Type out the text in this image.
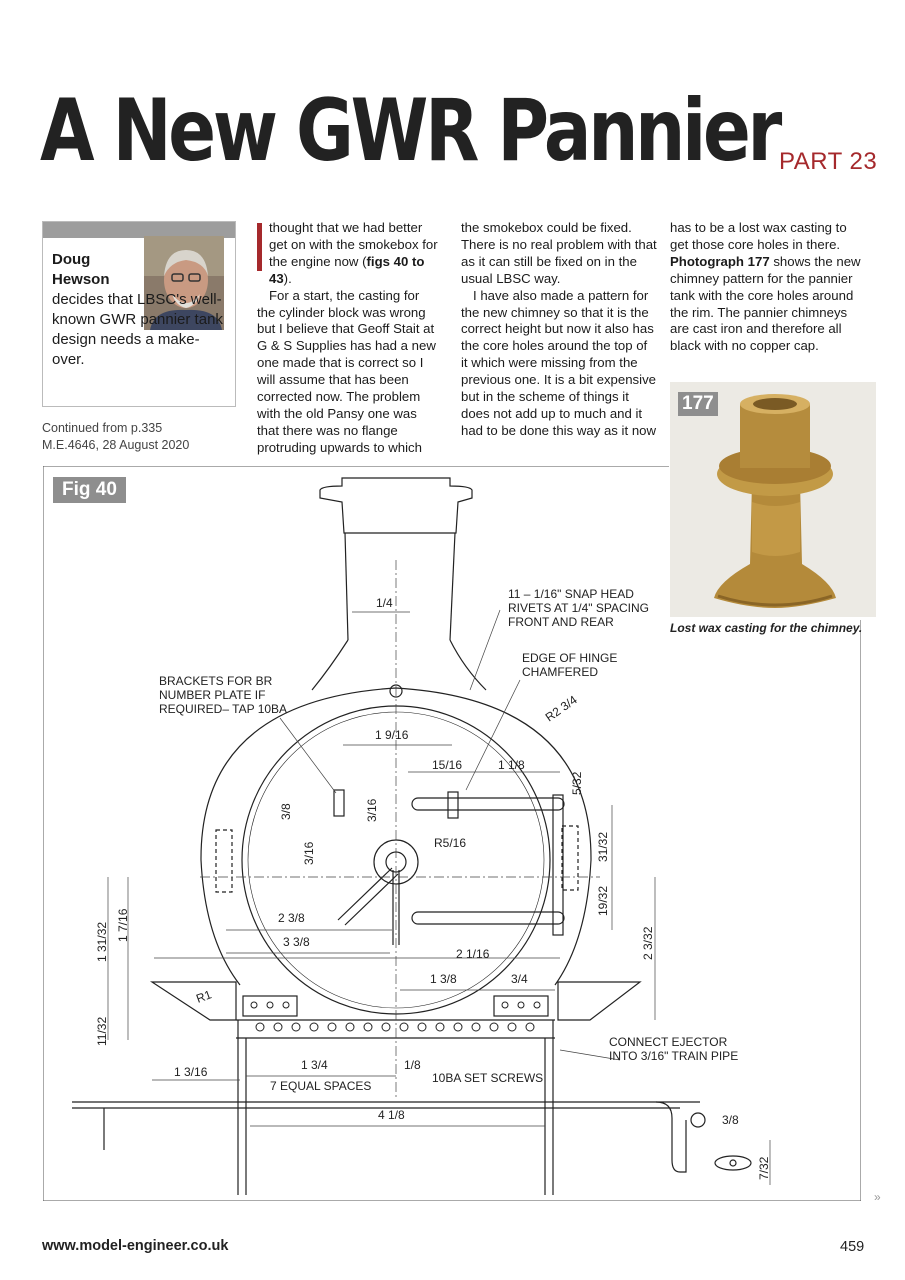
A New GWR Pannier PART 23
Doug
Hewson
decides that LBSC's well-known GWR pannier tank design needs a make-over.
Continued from p.335
M.E.4646, 28 August 2020

thought that we had better get on with the smokebox for the engine now (figs 40 to 43).

For a start, the casting for the cylinder block was wrong but I believe that Geoff Stait at G & S Supplies has had a new one made that is correct so I will assume that has been corrected now. The problem with the old Pansy one was that there was no flange protruding upwards to which

the smokebox could be fixed. There is no real problem with that as it can still be fixed on in the usual LBSC way.

I have also made a pattern for the new chimney so that it is the correct height but now it also has the core holes around the top of it which were missing from the previous one. It is a bit expensive but in the scheme of things it does not add up to much and it had to be done this way as it now

has to be a lost wax casting to get those core holes in there. Photograph 177 shows the new chimney pattern for the pannier tank with the core holes around the rim. The pannier chimneys are cast iron and therefore all black with no copper cap.

11 – 1/16" SNAP HEAD
RIVETS AT 1/4" SPACING
FRONT AND REAR
EDGE OF HINGE
CHAMFERED
BRACKETS FOR BR
NUMBER PLATE IF
REQUIRED– TAP 10BA
CONNECT EJECTOR
INTO 3/16" TRAIN PIPE
7 EQUAL SPACES
10BA SET SCREWS
1/4
1 9/16
15/16	1 1/8
R2 3/4
5/32
3/8	3/16
3/16	R5/16	31/32
19/32
2 3/8
3 3/8
2 1/16	2 3/32
1 3/8	3/4
1 31/32 1 7/16
R1
11/32
1 3/16	1 3/4	1/8
4 1/8	3/8
7/32
Fig 40
177
Lost wax casting for the chimney.
»
www.model-engineer.co.uk	459
